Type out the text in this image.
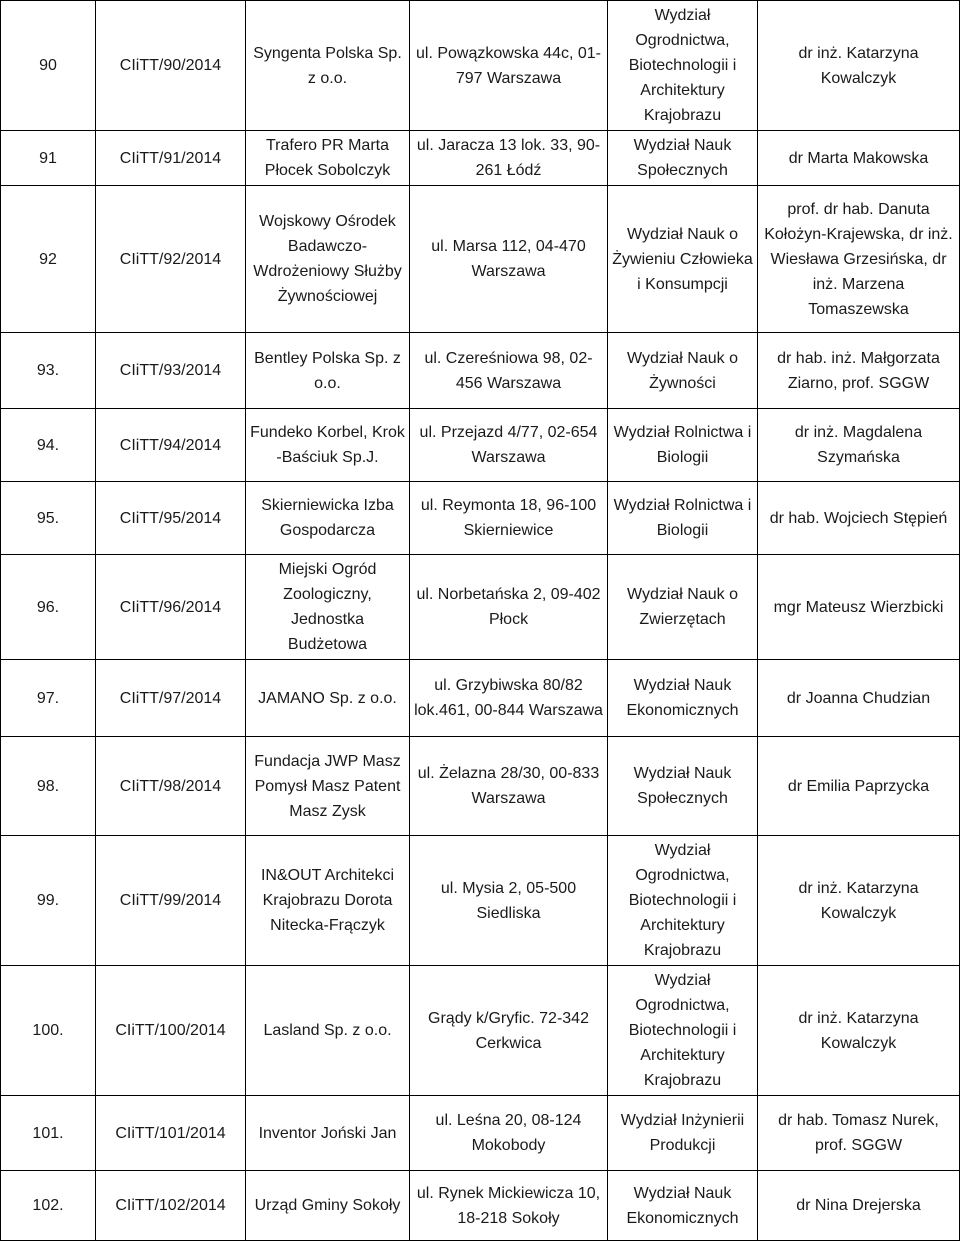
90	CIiTT/90/2014	Syngenta Polska Sp. z o.o.	ul. Powązkowska 44c, 01-797 Warszawa	Wydział Ogrodnictwa, Biotechnologii i Architektury Krajobrazu	dr inż. Katarzyna Kowalczyk
91	CIiTT/91/2014	Trafero PR Marta Płocek Sobolczyk	ul. Jaracza 13 lok. 33, 90-261 Łódź	Wydział Nauk Społecznych	dr Marta Makowska
92	CIiTT/92/2014	Wojskowy Ośrodek Badawczo-Wdrożeniowy Służby Żywnościowej	ul. Marsa 112, 04-470 Warszawa	Wydział Nauk o Żywieniu Człowieka i Konsumpcji	prof. dr hab. Danuta Kołożyn-Krajewska, dr inż. Wiesława Grzesińska, dr inż. Marzena Tomaszewska
93.	CIiTT/93/2014	Bentley Polska Sp. z o.o.	ul. Czereśniowa 98, 02-456 Warszawa	Wydział Nauk o Żywności	dr hab. inż. Małgorzata Ziarno, prof. SGGW
94.	CIiTT/94/2014	Fundeko Korbel, Krok -Baściuk Sp.J.	ul. Przejazd 4/77, 02-654 Warszawa	Wydział Rolnictwa i Biologii	dr inż. Magdalena Szymańska
95.	CIiTT/95/2014	Skierniewicka Izba Gospodarcza	ul. Reymonta 18, 96-100 Skierniewice	Wydział Rolnictwa i Biologii	dr hab. Wojciech Stępień
96.	CIiTT/96/2014	Miejski Ogród Zoologiczny, Jednostka Budżetowa	ul. Norbetańska 2, 09-402 Płock	Wydział Nauk o Zwierzętach	mgr Mateusz Wierzbicki
97.	CIiTT/97/2014	JAMANO Sp. z o.o.	ul. Grzybiwska 80/82 lok.461, 00-844 Warszawa	Wydział Nauk Ekonomicznych	dr Joanna Chudzian
98.	CIiTT/98/2014	Fundacja JWP Masz Pomysł Masz Patent Masz Zysk	ul. Żelazna 28/30, 00-833 Warszawa	Wydział Nauk Społecznych	dr Emilia Paprzycka
99.	CIiTT/99/2014	IN&OUT Architekci Krajobrazu Dorota Nitecka-Frączyk	ul. Mysia 2, 05-500 Siedliska	Wydział Ogrodnictwa, Biotechnologii i Architektury Krajobrazu	dr inż. Katarzyna Kowalczyk
100.	CIiTT/100/2014	Lasland Sp. z o.o.	Grądy k/Gryfic. 72-342 Cerkwica	Wydział Ogrodnictwa, Biotechnologii i Architektury Krajobrazu	dr inż. Katarzyna Kowalczyk
101.	CIiTT/101/2014	Inventor Joński Jan	ul. Leśna 20, 08-124 Mokobody	Wydział Inżynierii Produkcji	dr hab. Tomasz Nurek, prof. SGGW
102.	CIiTT/102/2014	Urząd Gminy Sokoły	ul. Rynek Mickiewicza 10, 18-218 Sokoły	Wydział Nauk Ekonomicznych	dr Nina Drejerska
